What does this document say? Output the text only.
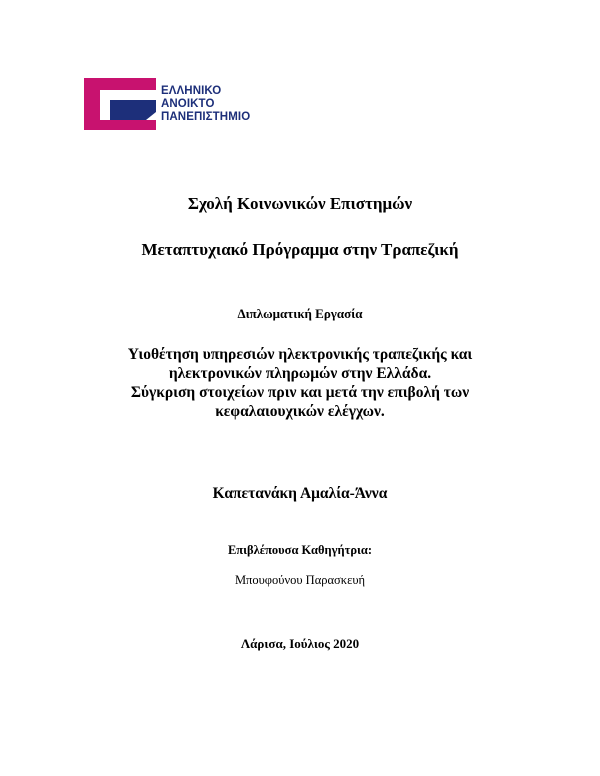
ΕΛΛΗΝΙΚΟ
ΑΝΟΙΚΤΟ
ΠΑΝΕΠΙΣΤΗΜΙΟ
Σχολή Κοινωνικών Επιστημών
Μεταπτυχιακό Πρόγραμμα στην Τραπεζική
Διπλωματική Εργασία
Υιοθέτηση υπηρεσιών ηλεκτρονικής τραπεζικής και
ηλεκτρονικών πληρωμών στην Ελλάδα.
Σύγκριση στοιχείων πριν και μετά την επιβολή των
κεφαλαιουχικών ελέγχων.
Καπετανάκη Αμαλία-Άννα
Επιβλέπουσα Καθηγήτρια:
Μπουφούνου Παρασκευή
Λάρισα, Ιούλιος 2020
